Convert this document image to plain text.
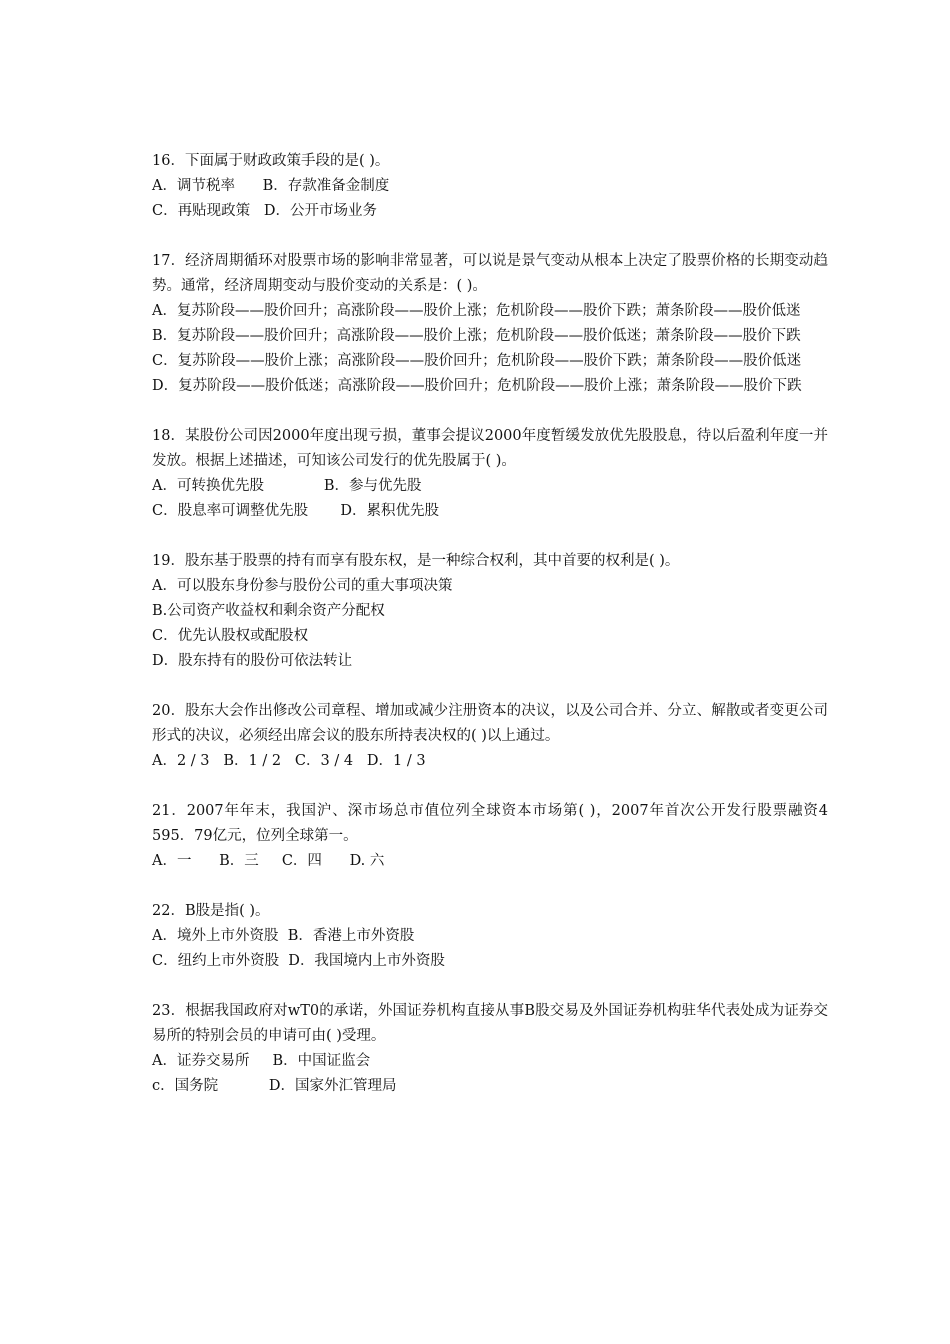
16．下面属于财政政策手段的是( )。
A．调节税率      B．存款准备金制度
C．再贴现政策   D．公开市场业务
17．经济周期循环对股票市场的影响非常显著，可以说是景气变动从根本上决定了股票价格的长期变动趋势。通常，经济周期变动与股价变动的关系是：( )。
A．复苏阶段——股价回升；高涨阶段——股价上涨；危机阶段——股价下跌；萧条阶段——股价低迷
B．复苏阶段——股价回升；高涨阶段——股价上涨；危机阶段——股价低迷；萧条阶段——股价下跌
C．复苏阶段——股价上涨；高涨阶段——股价回升；危机阶段——股价下跌；萧条阶段——股价低迷
D．复苏阶段——股价低迷；高涨阶段——股价回升；危机阶段——股价上涨；萧条阶段——股价下跌
18．某股份公司因2000年度出现亏损，董事会提议2000年度暂缓发放优先股股息，待以后盈利年度一并发放。根据上述描述，可知该公司发行的优先股属于( )。
A．可转换优先股             B．参与优先股
C．股息率可调整优先股       D．累积优先股
19．股东基于股票的持有而享有股东权，是一种综合权利，其中首要的权利是( )。
A．可以股东身份参与股份公司的重大事项决策
B.公司资产收益权和剩余资产分配权
C．优先认股权或配股权
D．股东持有的股份可依法转让
20．股东大会作出修改公司章程、增加或减少注册资本的决议，以及公司合并、分立、解散或者变更公司形式的决议，必须经出席会议的股东所持表决权的( )以上通过。
A．2 / 3   B．1 / 2   C．3 / 4   D．1 / 3
21．2007年年末，我国沪、深市场总市值位列全球资本市场第( )，2007年首次公开发行股票融资4 595．79亿元，位列全球第一。
A．一      B．三     C．四      D. 六
22．B股是指( )。
A．境外上市外资股  B．香港上市外资股
C．纽约上市外资股  D．我国境内上市外资股
23．根据我国政府对wT0的承诺，外国证券机构直接从事B股交易及外国证券机构驻华代表处成为证券交易所的特别会员的申请可由( )受理。
A．证券交易所     B．中国证监会
c．国务院           D．国家外汇管理局
